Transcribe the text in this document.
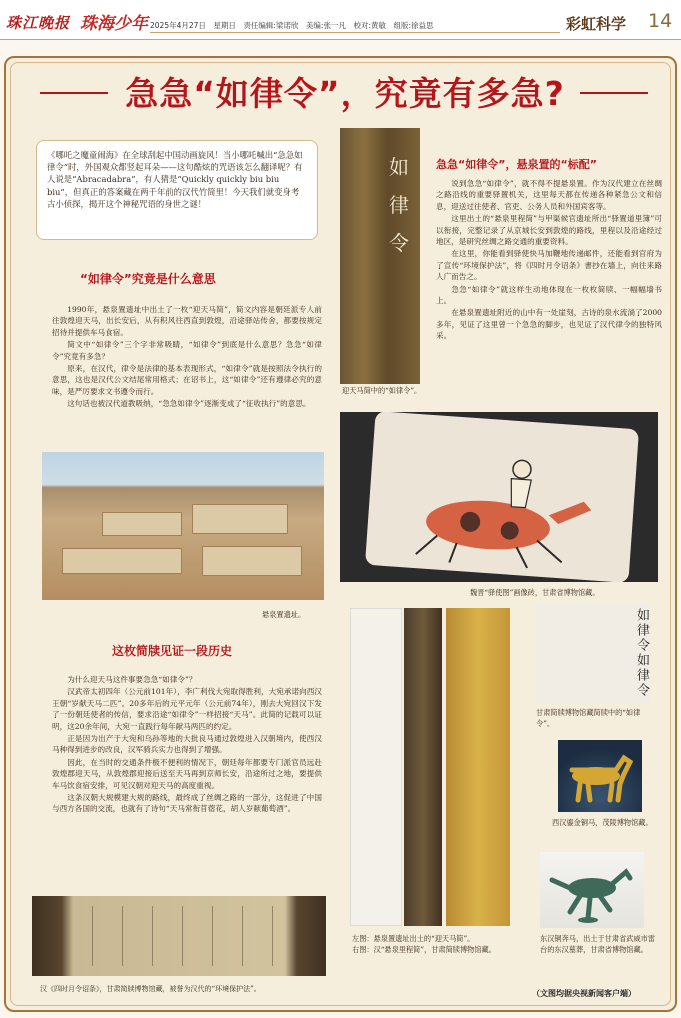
珠江晚报 珠海少年 2025年4月27日　星期日　责任编辑:梁诺欣　美编:张一凡　校对:黄敏　组版:徐益思	彩虹科学 14
急急“如律令”，究竟有多急?
《哪吒之魔童闹海》在全球刮起中国动画旋风！当小哪吒喊出“急急如律令”时，外国观众都竖起耳朵——这句酷炫的咒语该怎么翻译呢？有人说是“Abracadabra”，有人猜是“Quickly quickly biu biu biu”，但真正的答案藏在两千年前的汉代竹简里！今天我们就变身考古小侦探，揭开这个神秘咒语的身世之谜！
“如律令”究竟是什么意思

1990年，悬泉置遗址中出土了一枚“迎天马简”，简文内容是朝廷派专人前往敦煌迎天马，出长安后，从有积风往西直到敦煌，沿途驿站传舍，都要按规定招待并提供车马食宿。

简文中“如律令”三个字非常吸睛，“如律令”到底是什么意思？急急“如律令”究竟有多急？

原来，在汉代，律令是法律的基本表现形式，“如律令”就是按照法令执行的意思，这也是汉代公文结尾常用格式；在诏书上，这“如律令”还有遵律必究的意味，是严厉要求文书遵令而行。

这句话也被汉代道教吸纳，“急急如律令”逐渐变成了“征收执行”的意思。

悬泉置遗址。
这枚简牍见证一段历史

为什么迎天马这件事要急急“如律令”？

汉武帝太初四年（公元前101年），李广利伐大宛取得胜利，大宛承诺向西汉王朝“岁献天马二匹”。20多年后的元平元年（公元前74年），刚去大宛回汉下发了一份朝廷使者的传信，要求沿途“如律令”一样招接“天马”。此简的记载可以证明，这20余年间，大宛一直践行每年献马两匹的约定。

正是因为出产于大宛和乌孙等地的大批良马通过敦煌进入汉朝境内，使西汉马种得到进步的改良，汉军骑兵实力也得到了增强。

因此，在当时的交通条件极不便利的情况下，朝廷每年都要专门派官员远赴敦煌郡迎天马，从敦煌郡迎接后送至天马再到京师长安，沿途所过之地，要提供车马饮食宿安排，可见汉朝对迎天马的高度重视。

这条汉朝大规模建大规的路线，最终成了丝绸之路的一部分，这促进了中国与西方各国的交流，也就有了诗句“天马常衔苜蓿花，胡人岁献葡萄酒”。

汉《四时月令诏条》，甘肃简牍博物馆藏，被誉为汉代的“环境保护法”。
如律令
迎天马简中的“如律令”。
急急“如律令”，悬泉置的“标配”

说到急急“如律令”，就不得不提悬泉置。作为汉代建立在丝绸之路沿线的重要驿置机关，这里每天都在传递各种紧急公文和信息，迎送过往使者、官吏、公务人员和外国宾客等。

这里出土的“悬泉里程简”与甲渠候官遗址所出“驿置道里簿”可以衔接，完整记录了从京城长安到敦煌的路线，里程以及沿途经过地区，是研究丝绸之路交通的重要资料。

在这里，你能看到驿使快马加鞭地传递邮件，还能看到官府为了宣传“环境保护法”，将《四时月令诏条》書抄在墙上，向往来路人广而告之。

急急“如律令”就这样生动地体现在一枚枚简牍、一幅幅墙书上。

在悬泉置遗址附近的山中有一处崖刻，古诗的泉水流淌了2000多年，见证了这里曾一个急急的脚步，也见证了汉代律令的独特风采。

魏晋“驿使图”画像砖，甘肃省博物馆藏。
左图：悬泉置遗址出土的“迎天马简”。
右图：汉“悬泉里程简”，甘肃简牍博物馆藏。
如律令如律令
甘肃简牍博物馆藏简牍中的“如律令”。
西汉鎏金铜马，茂陵博物馆藏。
东汉铜奔马，出土于甘肃省武威市雷台的东汉墓葬，甘肃省博物馆藏。
（文图均据央视新闻客户端）
